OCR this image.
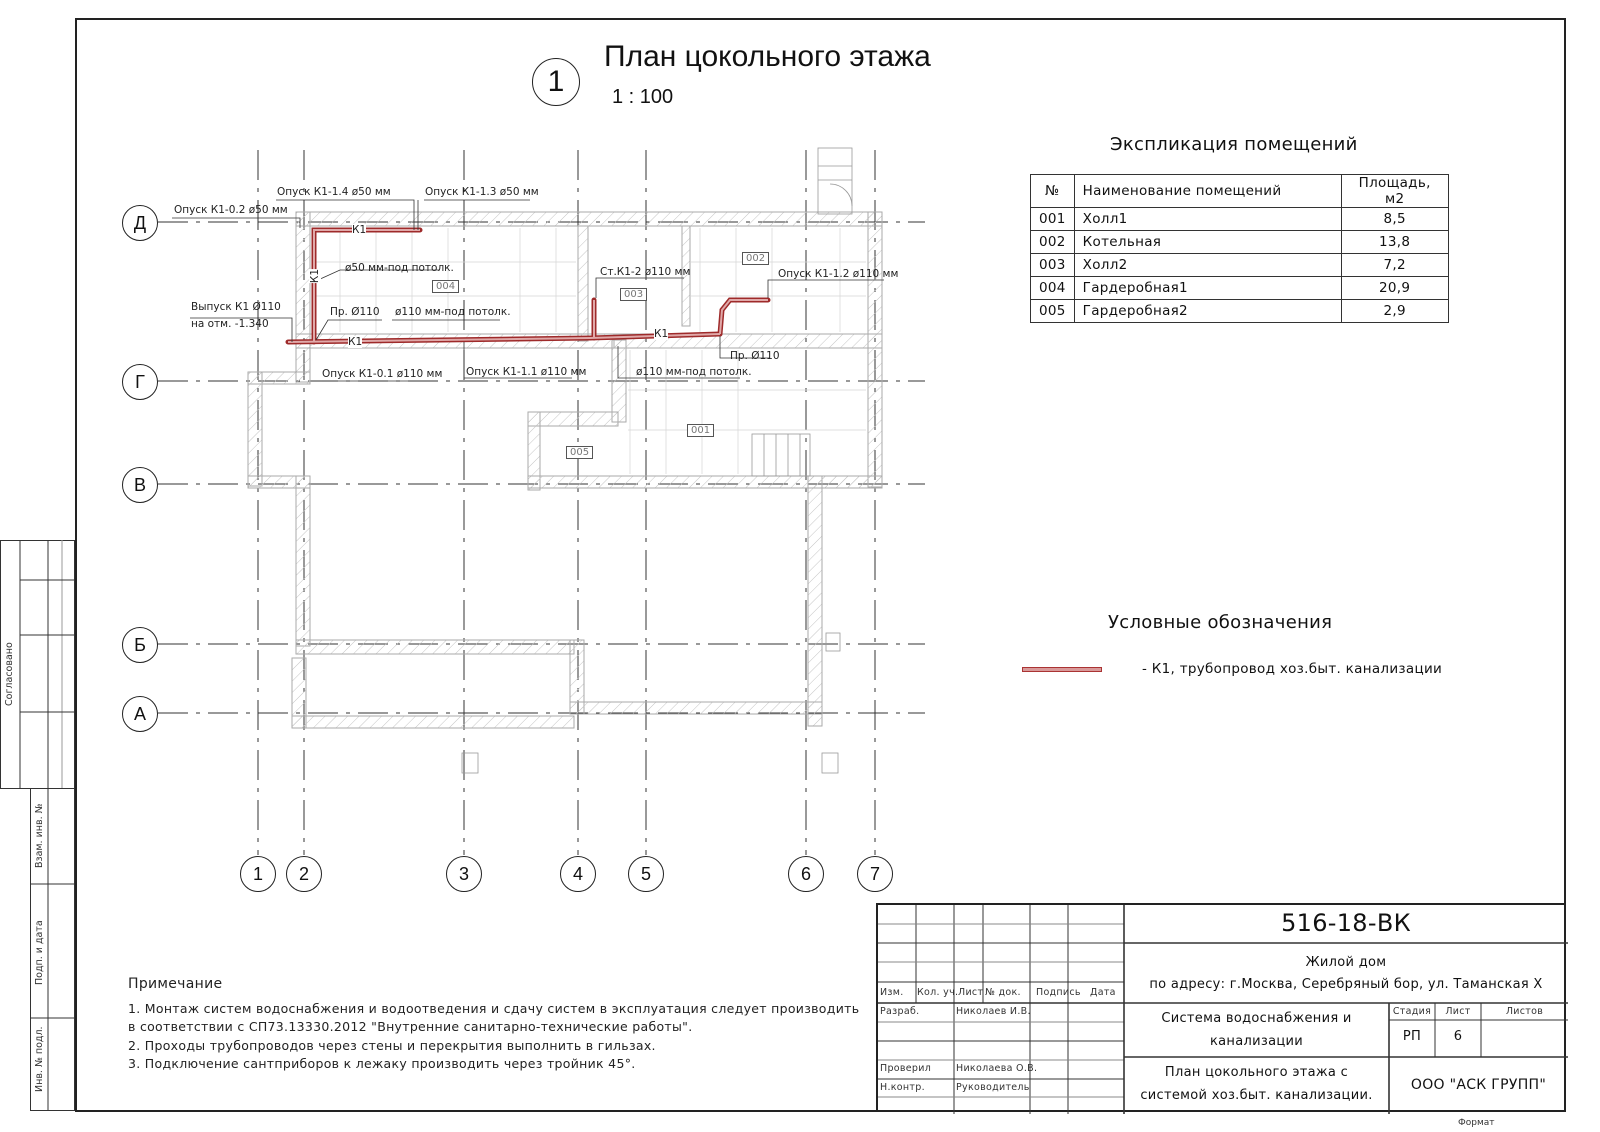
1
План цокольного этажа
1 : 100
Д
Г
В
Б
А
1	2	3	4	5	6	7
Опуск К1-0.2 ø50 мм
Опуск К1-1.4 ø50 мм	Опуск К1-1.3 ø50 мм
К1
К1
ø50 мм-под потолк.
Выпуск К1 Ø110
на отм. -1.340
Пр. Ø110 ø110 мм-под потолк.
К1
Ст.К1-2 ø110 мм	Опуск К1-1.2 ø110 мм
К1
Пр. Ø110
Опуск К1-0.1 ø110 мм Опуск К1-1.1 ø110 мм	ø110 мм-под потолк.
001
002
003
004
005
Экспликация помещений
№	Наименование помещений	Площадь, м2
001	Холл1	8,5
002	Котельная	13,8
003	Холл2	7,2
004	Гардеробная1	20,9
005	Гардеробная2	2,9
Условные обозначения
- К1, трубопровод хоз.быт. канализации
Примечание
1. Монтаж систем водоснабжения и водоотведения и сдачу систем в эксплуатация следует производить
в соответствии с СП73.13330.2012 "Внутренние санитарно-технические работы".
2. Проходы трубопроводов через стены и перекрытия выполнить в гильзах.
3. Подключение сантприборов к лежаку производить через тройник 45°.
Согласовано
Взам. инв. №
Подп. и дата
Инв. № подл.
Изм. Кол. уч. Лист № док. Подпись Дата
Разраб.	Николаев И.В.
Проверил	Николаева О.В.
Н.контр.	Руководитель
516-18-ВК
Жилой дом
по адресу: г.Москва, Серебряный бор, ул. Таманская Х
Система водоснабжения и
канализации
Стадия	Лист	Листов
РП	6
План цокольного этажа с
системой хоз.быт. канализации.
ООО "АСК ГРУПП"
Формат
